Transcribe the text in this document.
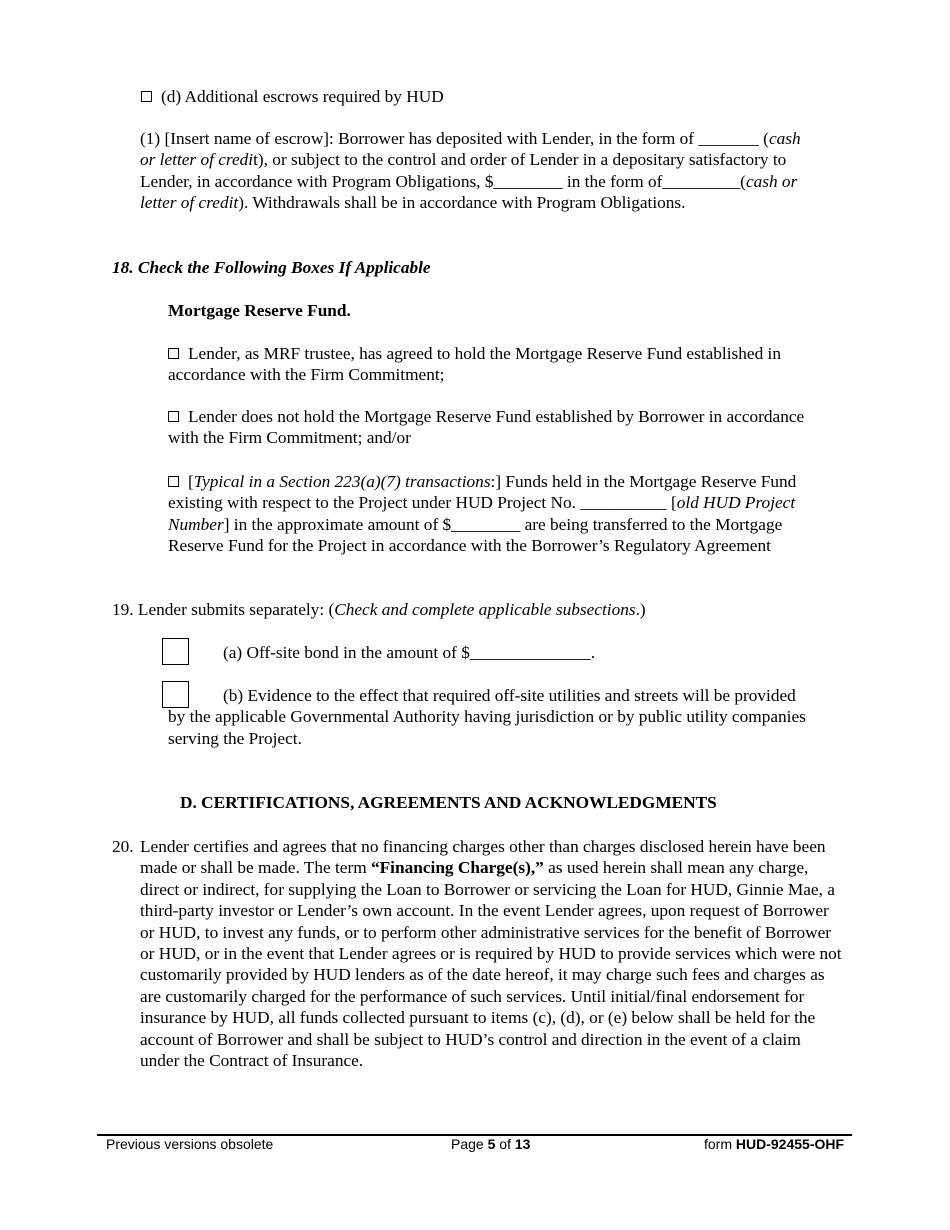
(d) Additional escrows required by HUD

(1) [Insert name of escrow]: Borrower has deposited with Lender, in the form of _______ (cash or letter of credit), or subject to the control and order of Lender in a depositary satisfactory to Lender, in accordance with Program Obligations, $________ in the form of_________(cash or letter of credit). Withdrawals shall be in accordance with Program Obligations.

18. Check the Following Boxes If Applicable

Mortgage Reserve Fund.

Lender, as MRF trustee, has agreed to hold the Mortgage Reserve Fund established in accordance with the Firm Commitment;

Lender does not hold the Mortgage Reserve Fund established by Borrower in accordance with the Firm Commitment; and/or

[Typical in a Section 223(a)(7) transactions:] Funds held in the Mortgage Reserve Fund existing with respect to the Project under HUD Project No. __________ [old HUD Project Number] in the approximate amount of $________ are being transferred to the Mortgage Reserve Fund for the Project in accordance with the Borrower’s Regulatory Agreement

19. Lender submits separately: (Check and complete applicable subsections.)

(a) Off-site bond in the amount of $______________.

(b) Evidence to the effect that required off-site utilities and streets will be provided by the applicable Governmental Authority having jurisdiction or by public utility companies serving the Project.

D. CERTIFICATIONS, AGREEMENTS AND ACKNOWLEDGMENTS

20. Lender certifies and agrees that no financing charges other than charges disclosed herein have been made or shall be made. The term “Financing Charge(s),” as used herein shall mean any charge, direct or indirect, for supplying the Loan to Borrower or servicing the Loan for HUD, Ginnie Mae, a third-party investor or Lender’s own account. In the event Lender agrees, upon request of Borrower or HUD, to invest any funds, or to perform other administrative services for the benefit of Borrower or HUD, or in the event that Lender agrees or is required by HUD to provide services which were not customarily provided by HUD lenders as of the date hereof, it may charge such fees and charges as are customarily charged for the performance of such services. Until initial/final endorsement for insurance by HUD, all funds collected pursuant to items (c), (d), or (e) below shall be held for the account of Borrower and shall be subject to HUD’s control and direction in the event of a claim under the Contract of Insurance.

Previous versions obsolete	Page 5 of 13	form HUD-92455-OHF
